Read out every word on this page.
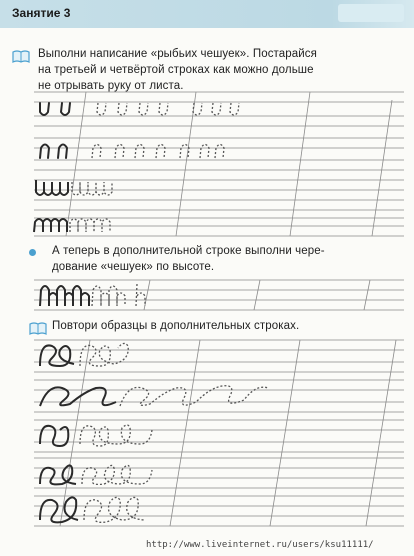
Занятие 3
Выполни написание «рыбьих чешуек». Постарайся
на третьей и четвёртой строках как можно дольше
не отрывать руку от листа.
А теперь в дополнительной строке выполни чере-
дование «чешуек» по высоте.
Повтори образцы в дополнительных строках.
http://www.liveinternet.ru/users/ksu11111/
